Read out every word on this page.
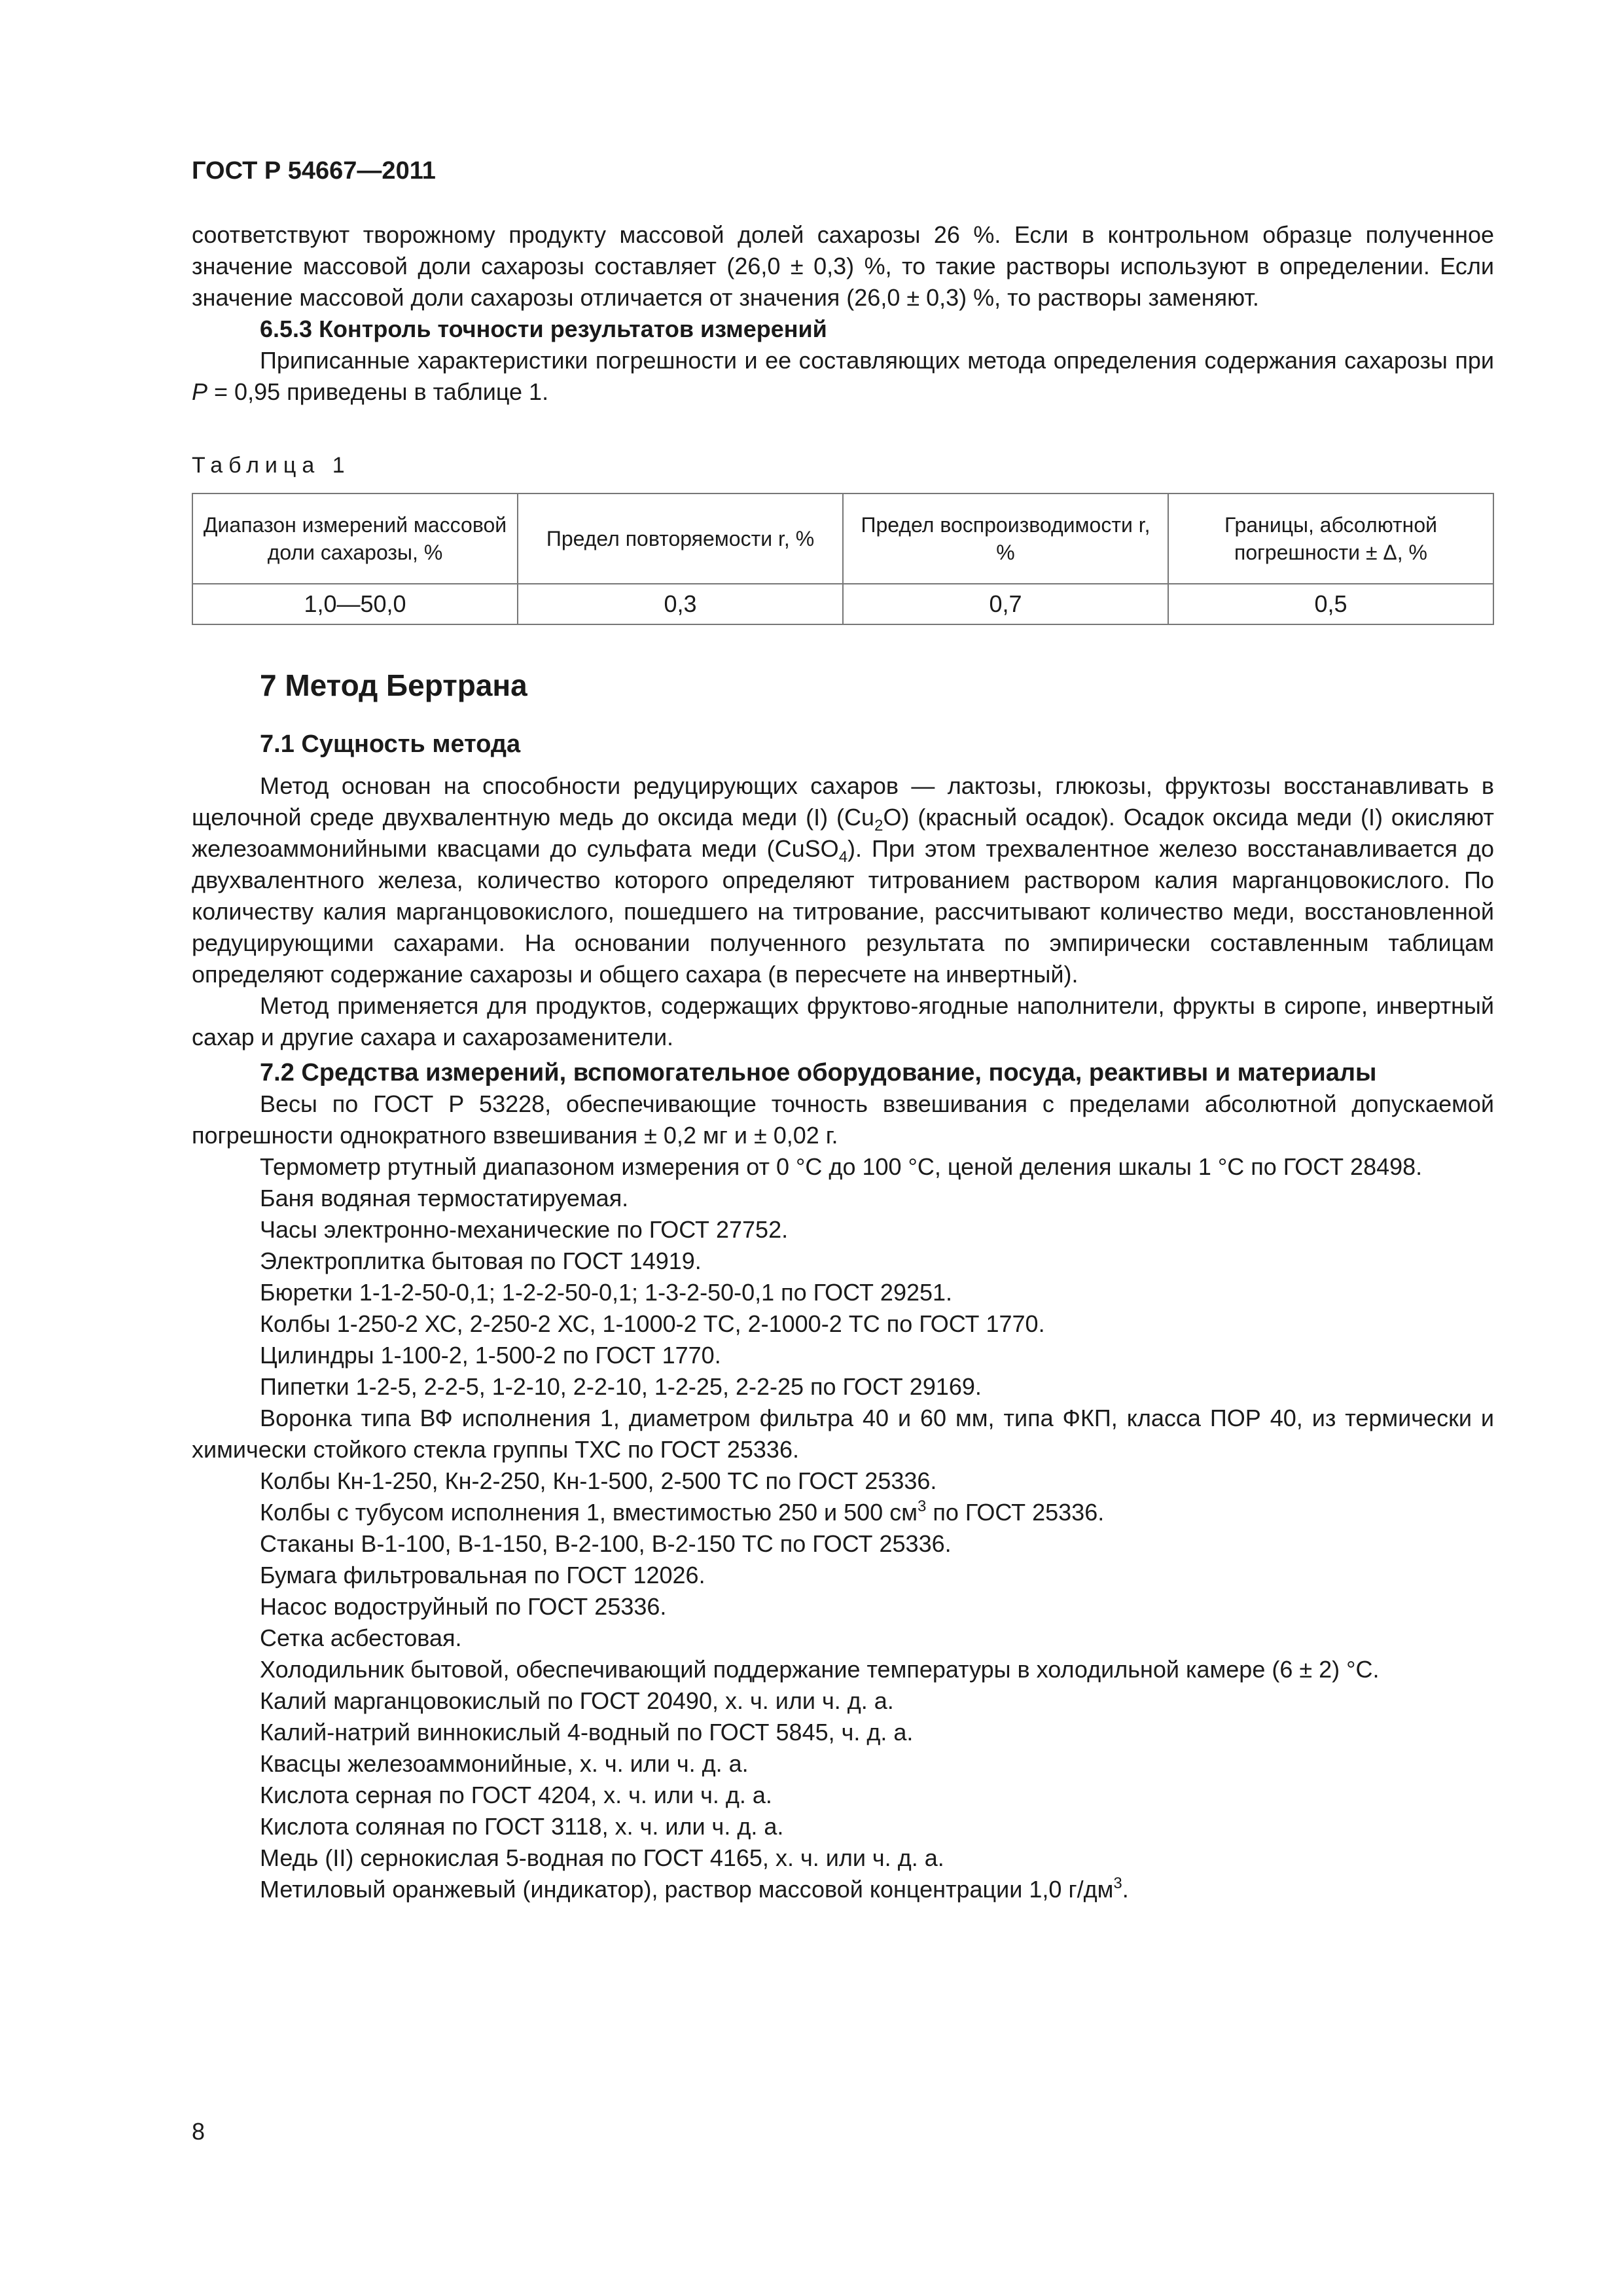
ГОСТ Р 54667—2011

соответствуют творожному продукту массовой долей сахарозы 26 %. Если в контрольном образце полученное значение массовой доли сахарозы составляет (26,0 ± 0,3) %, то такие растворы используют в определении. Если значение массовой доли сахарозы отличается от значения (26,0 ± 0,3) %, то растворы заменяют.

6.5.3 Контроль точности результатов измерений

Приписанные характеристики погрешности и ее составляющих метода определения содержания сахарозы при Р = 0,95 приведены в таблице 1.

Таблица 1
Диапазон измерений массовой доли сахарозы, %	Предел повторяемости r, %	Предел воспроизводимости r, %	Границы, абсолютной погрешности ± Δ, %
1,0—50,0	0,3	0,7	0,5
7 Метод Бертрана
7.1 Сущность метода

Метод основан на способности редуцирующих сахаров — лактозы, глюкозы, фруктозы восстанавливать в щелочной среде двухвалентную медь до оксида меди (I) $(Cu_2O)$ (красный осадок). Осадок оксида меди (I) окисляют железоаммонийными квасцами до сульфата меди (CuSO$_4$). При этом трехвалентное железо восстанавливается до двухвалентного железа, количество которого определяют титрованием раствором калия марганцовокислого. По количеству калия марганцовокислого, пошедшего на титрование, рассчитывают количество меди, восстановленной редуцирующими сахарами. На основании полученного результата по эмпирически составленным таблицам определяют содержание сахарозы и общего сахара (в пересчете на инвертный).

Метод применяется для продуктов, содержащих фруктово-ягодные наполнители, фрукты в сиропе, инвертный сахар и другие сахара и сахарозаменители.

7.2 Средства измерений, вспомогательное оборудование, посуда, реактивы и материалы

Весы по ГОСТ Р 53228, обеспечивающие точность взвешивания с пределами абсолютной допускаемой погрешности однократного взвешивания ± 0,2 мг и ± 0,02 г.

Термометр ртутный диапазоном измерения от 0 °С до 100 °С, ценой деления шкалы 1 °С по ГОСТ 28498.

Баня водяная термостатируемая.

Часы электронно-механические по ГОСТ 27752.

Электроплитка бытовая по ГОСТ 14919.

Бюретки 1-1-2-50-0,1; 1-2-2-50-0,1; 1-3-2-50-0,1 по ГОСТ 29251.

Колбы 1-250-2 ХС, 2-250-2 ХС, 1-1000-2 ТС, 2-1000-2 ТС по ГОСТ 1770.

Цилиндры 1-100-2, 1-500-2 по ГОСТ 1770.

Пипетки 1-2-5, 2-2-5, 1-2-10, 2-2-10, 1-2-25, 2-2-25 по ГОСТ 29169.

Воронка типа ВФ исполнения 1, диаметром фильтра 40 и 60 мм, типа ФКП, класса ПОР 40, из термически и химически стойкого стекла группы ТХС по ГОСТ 25336.

Колбы Кн-1-250, Кн-2-250, Кн-1-500, 2-500 ТС по ГОСТ 25336.

Колбы с тубусом исполнения 1, вместимостью 250 и 500 $см^3$ по ГОСТ 25336.

Стаканы В-1-100, В-1-150, В-2-100, В-2-150 ТС по ГОСТ 25336.

Бумага фильтровальная по ГОСТ 12026.

Насос водоструйный по ГОСТ 25336.

Сетка асбестовая.

Холодильник бытовой, обеспечивающий поддержание температуры в холодильной камере (6 ± 2) °С.

Калий марганцовокислый по ГОСТ 20490, х. ч. или ч. д. а.

Калий-натрий виннокислый 4-водный по ГОСТ 5845, ч. д. а.

Квасцы железоаммонийные, х. ч. или ч. д. а.

Кислота серная по ГОСТ 4204, х. ч. или ч. д. а.

Кислота соляная по ГОСТ 3118, х. ч. или ч. д. а.

Медь (II) сернокислая 5-водная по ГОСТ 4165, х. ч. или ч. д. а.

Метиловый оранжевый (индикатор), раствор массовой концентрации 1,0 $г/дм^3$.

8
